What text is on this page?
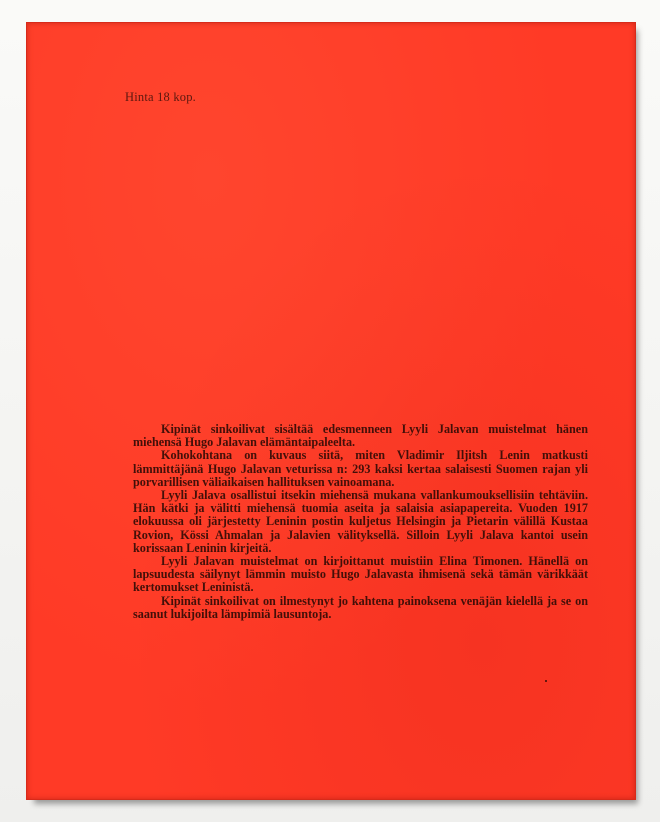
Hinta 18 kop.

Kipinät sinkoilivat sisältää edesmenneen Lyyli Jalavan muistelmat hänen miehensä Hugo Jalavan elämäntaipaleelta.

Kohokohtana on kuvaus siitä, miten Vladimir Iljitsh Lenin matkusti lämmittäjänä Hugo Jalavan veturissa n: 293 kaksi kertaa salaisesti Suomen rajan yli porvarillisen väliaikaisen hallituksen vainoamana.

Lyyli Jalava osallistui itsekin miehensä mukana vallankumouksellisiin tehtäviin. Hän kätki ja välitti miehensä tuomia aseita ja salaisia asiapapereita. Vuoden 1917 elokuussa oli järjestetty Leninin postin kuljetus Helsingin ja Pietarin välillä Kustaa Rovion, Kössi Ahmalan ja Jalavien välityksellä. Silloin Lyyli Jalava kantoi usein korissaan Leninin kirjeitä.

Lyyli Jalavan muistelmat on kirjoittanut muistiin Elina Timonen. Hänellä on lapsuudesta säilynyt lämmin muisto Hugo Jalavasta ihmisenä sekä tämän värikkäät kertomukset Leninistä.

Kipinät sinkoilivat on ilmestynyt jo kahtena painoksena venäjän kielellä ja se on saanut lukijoilta lämpimiä lausuntoja.
